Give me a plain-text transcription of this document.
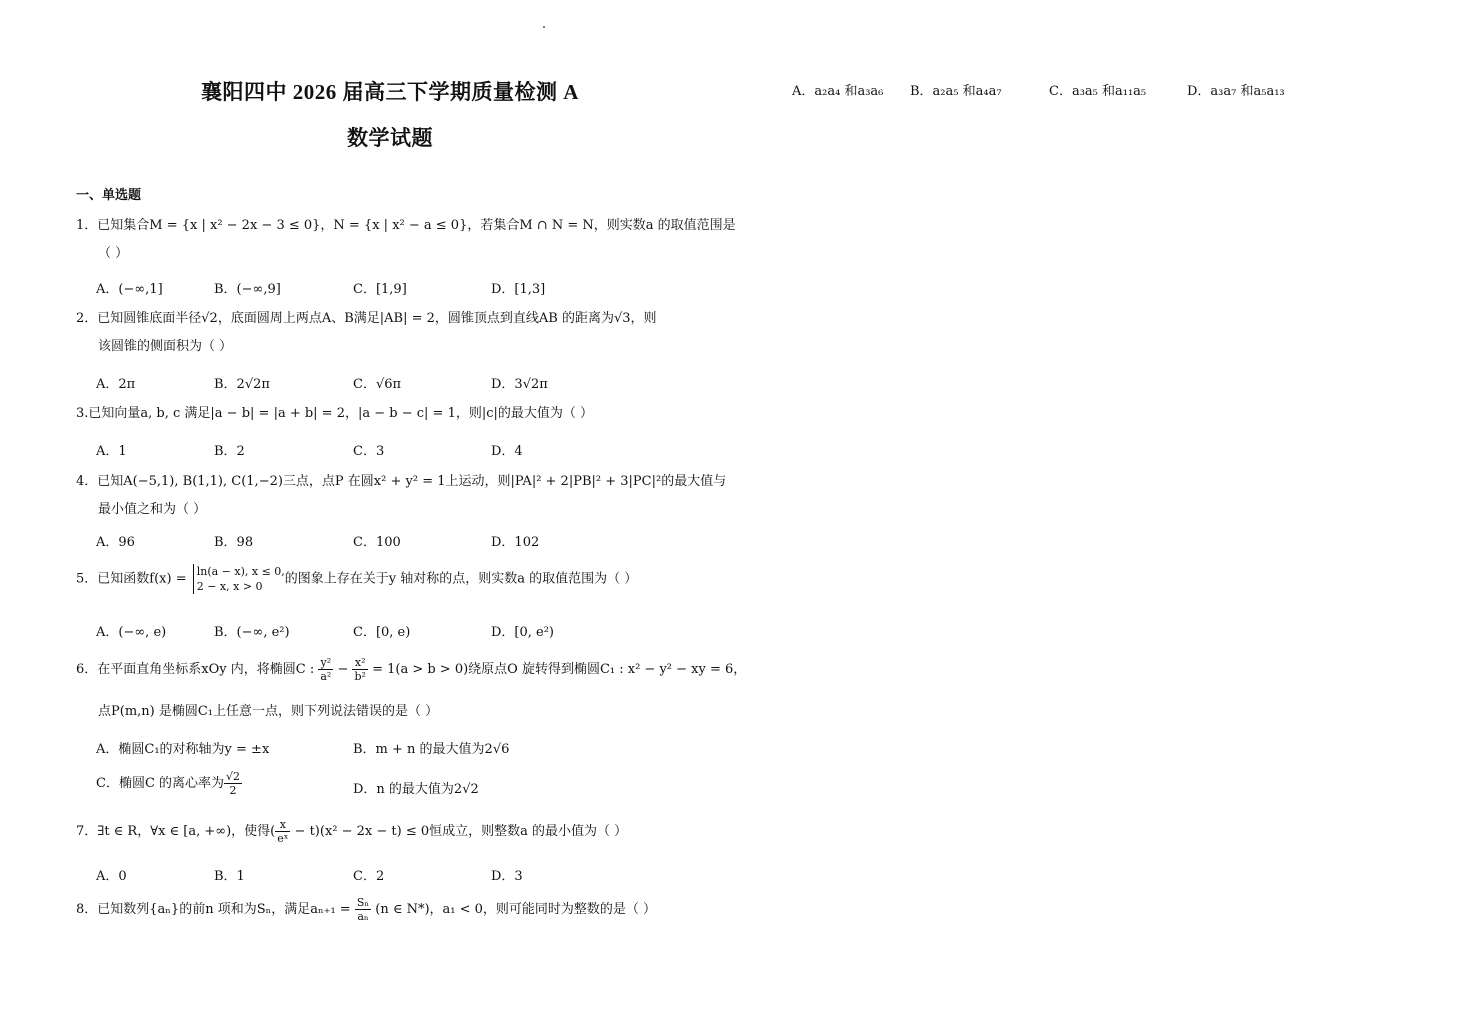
襄阳四中 2026 届高三下学期质量检测 A
数学试题
一、单选题
1．已知集合M = {x | x² − 2x − 3 ≤ 0}，N = {x | x² − a ≤ 0}，若集合M ∩ N = N，则实数a 的取值范围是
（ ）
A．(−∞,1]	B．(−∞,9]	C．[1,9]	D．[1,3]
2．已知圆锥底面半径√2，底面圆周上两点A、B满足|AB| = 2，圆锥顶点到直线AB 的距离为√3，则
该圆锥的侧面积为（ ）
A．2π	B．2√2π	C．√6π	D．3√2π
3.已知向量a, b, c 满足|a − b| = |a + b| = 2，|a − b − c| = 1，则|c|的最大值为（ ）
A．1	B．2	C．3	D．4
4．已知A(−5,1), B(1,1), C(1,−2)三点，点P 在圆x² + y² = 1上运动，则|PA|² + 2|PB|² + 3|PC|²的最大值与
最小值之和为（ ）
A．96	B．98	C．100	D．102
5．已知函数f(x) = ln(a − x), x ≤ 0,
2 − x, x > 0	的图象上存在关于y 轴对称的点，则实数a 的取值范围为（ ）
A．(−∞, e)	B．(−∞, e²)	C．[0, e)	D．[0, e²)
6．在平面直角坐标系xOy 内，将椭圆C : $\frac{\text{y²}}{\text{a²}} - \frac{\text{x²}}{\text{b²}} = 1(a > b > 0)$绕原点O 旋转得到椭圆C₁ : x² − y² − xy = 6，
点P(m,n) 是椭圆C₁上任意一点，则下列说法错误的是（ ）
A．椭圆C₁的对称轴为y = ±x	B．m + n 的最大值为2√6
C．椭圆C 的离心率为 $\frac{√2}{2}$	D．n 的最大值为2√2
7．∃t ∈ R，∀x ∈ [a, +∞)，使得( $\frac{x}{\text{eˣ}} - t)(x^2 - 2x - t) \le 0$恒成立，则整数a 的最小值为（ ）
A．0	B．1	C．2	D．3
8．已知数列{aₙ}的前n 项和为Sₙ，满足$a_{n+1} = \frac{\text{Sₙ}}{\text{aₙ}} (n$ ∈ N*)，a₁ < 0，则可能同时为整数的是（ ）
A．a₂a₄ 和a₃a₆ B．a₂a₅ 和a₄a₇	C．a₃a₅ 和a₁₁a₅	D．a₃a₇ 和a₅a₁₃
